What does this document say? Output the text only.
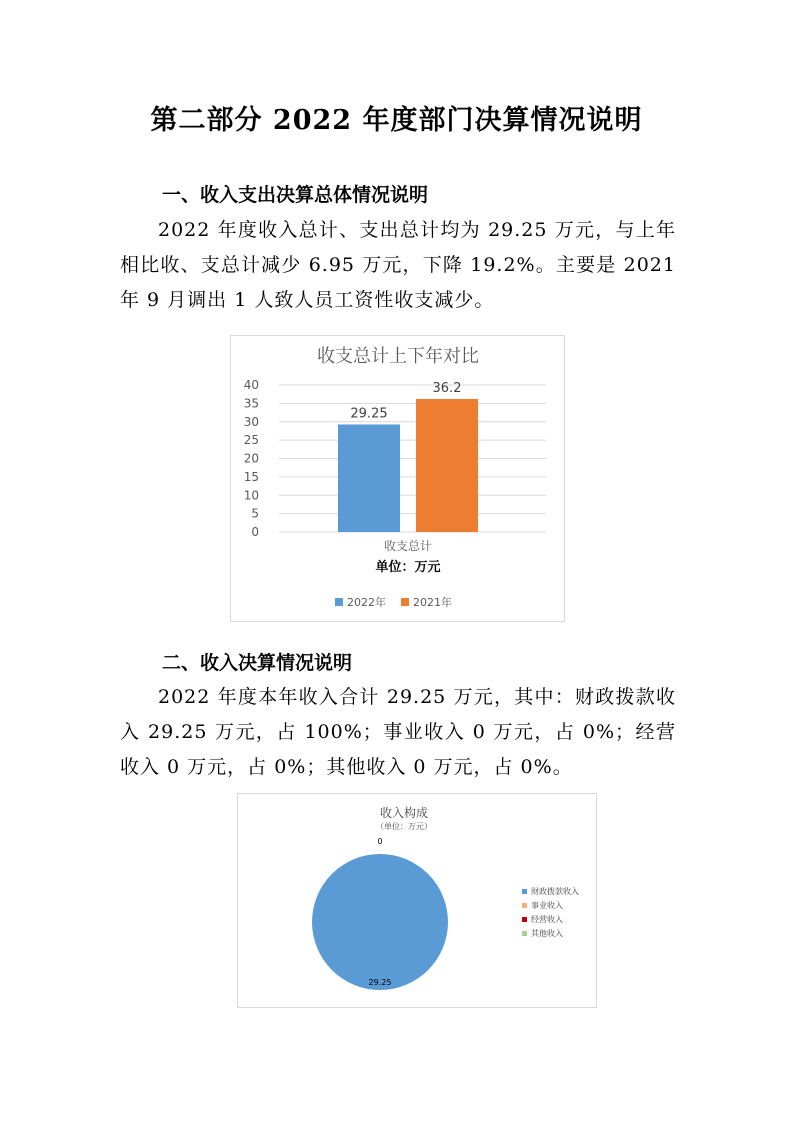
第二部分 2022 年度部门决算情况说明
一、收入支出决算总体情况说明
2022 年度收入总计、支出总计均为 29.25 万元，与上年相比收、支总计减少 6.95 万元，下降 19.2%。主要是 2021 年 9 月调出 1 人致人员工资性收支减少。
收支总计上下年对比
0
5
10
15
20
25
30
35
40
29.25
36.2
收支总计
单位：万元
2022年 2021年
二、收入决算情况说明
2022 年度本年收入合计 29.25 万元，其中：财政拨款收入 29.25 万元，占 100%；事业收入 0 万元，占 0%；经营收入 0 万元，占 0%；其他收入 0 万元，占 0%。
收入构成
（单位：万元）
29.25
0
财政拨款收入
事业收入
经营收入
其他收入
